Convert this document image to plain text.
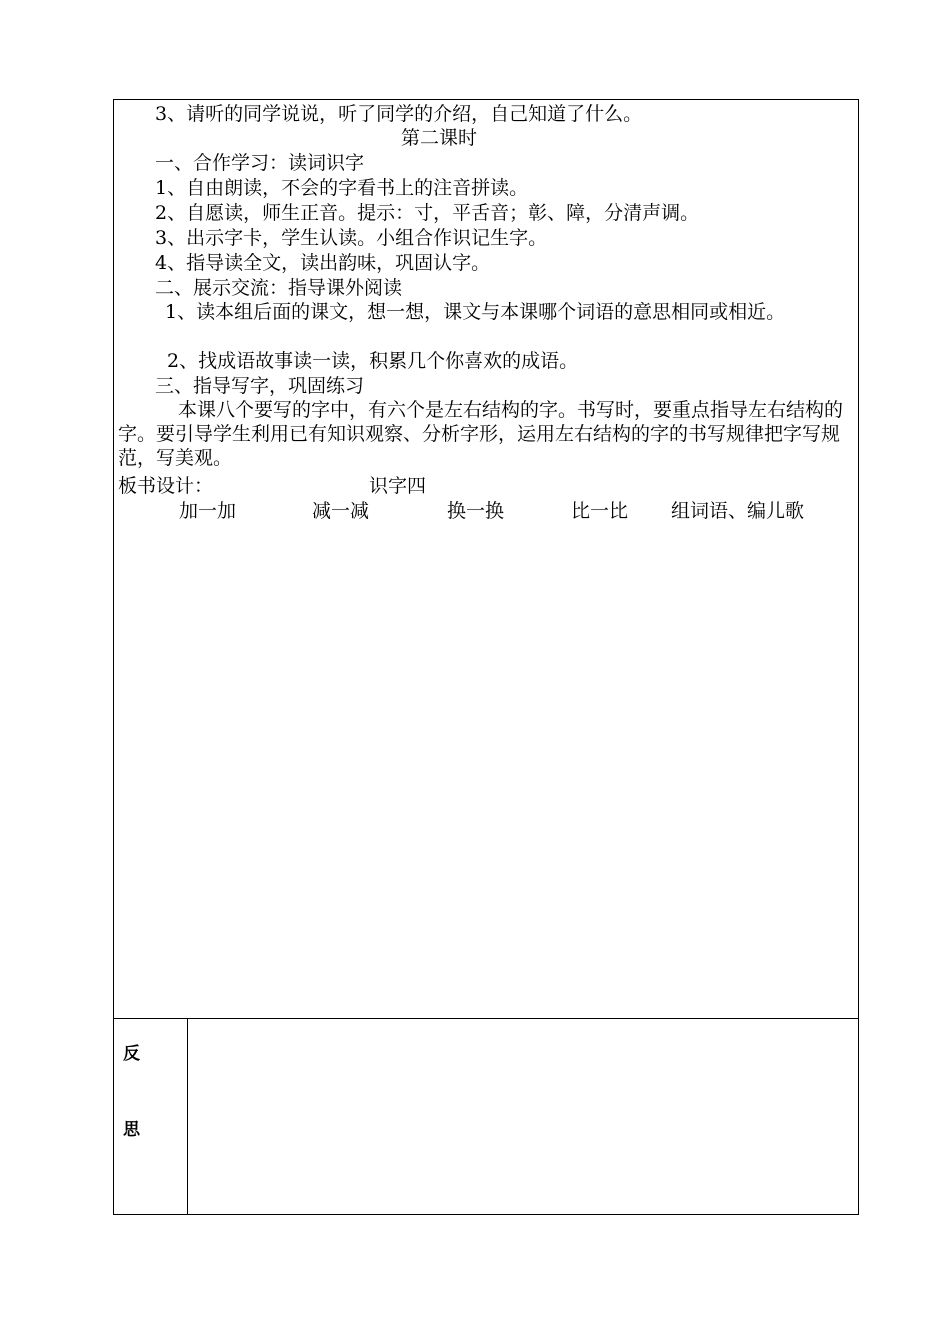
3、请听的同学说说，听了同学的介绍，自己知道了什么。
第二课时
一、合作学习：读词识字
1、自由朗读，不会的字看书上的注音拼读。
2、自愿读，师生正音。提示：寸，平舌音；彰、障，分清声调。
3、出示字卡，学生认读。小组合作识记生字。
4、指导读全文，读出韵味，巩固认字。
二、展示交流：指导课外阅读
1、读本组后面的课文，想一想，课文与本课哪个词语的意思相同或相近。
2、找成语故事读一读，积累几个你喜欢的成语。
三、指导写字，巩固练习
本课八个要写的字中，有六个是左右结构的字。书写时，要重点指导左右结构的字。要引导学生利用已有知识观察、分析字形，运用左右结构的字的书写规律把字写规范，写美观。
板书设计：	识字四
加一加	减一减	换一换	比一比 组词语、编儿歌
反
思
